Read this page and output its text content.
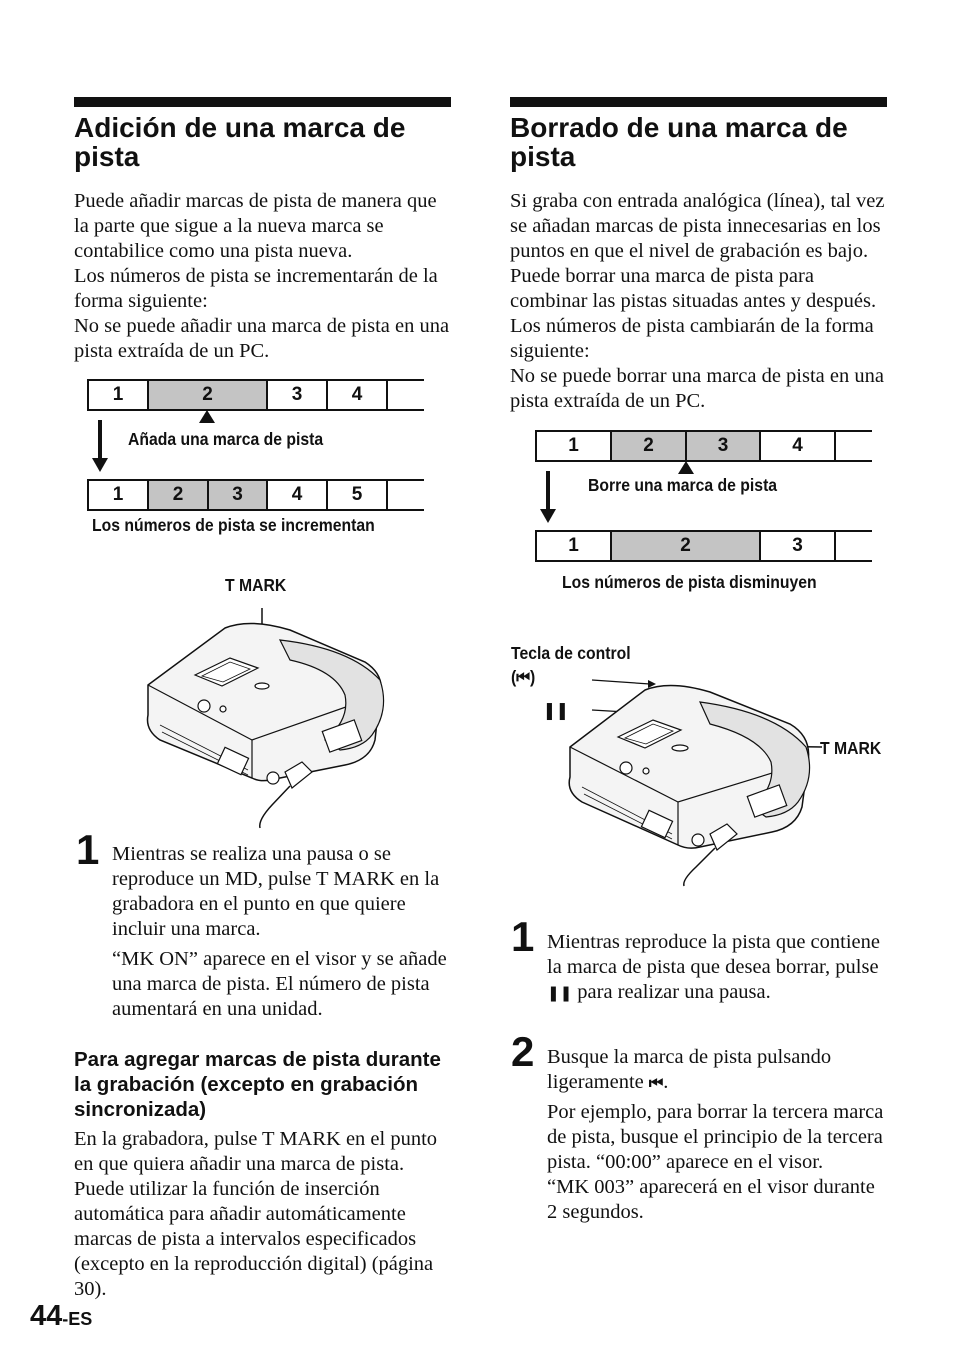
Adición de una marca de pista

Puede añadir marcas de pista de manera que la parte que sigue a la nueva marca se contabilice como una pista nueva.

Los números de pista se incrementarán de la forma siguiente:

No se puede añadir una marca de pista en una pista extraída de un PC.

1	2	3	4
Añada una marca de pista
1	2	3	4	5
Los números de pista se incrementan
T MARK
1 Mientras se realiza una pausa o se reproduce un MD, pulse T MARK en la grabadora en el punto en que quiere incluir una marca.

“MK ON” aparece en el visor y se añade una marca de pista. El número de pista aumentará en una unidad.

Para agregar marcas de pista durante la grabación (excepto en grabación sincronizada)
En la grabadora, pulse T MARK en el punto en que quiera añadir una marca de pista. Puede utilizar la función de inserción automática para añadir automáticamente marcas de pista a intervalos especificados (excepto en la reproducción digital) (página 30).
44-ES
Borrado de una marca de pista

Si graba con entrada analógica (línea), tal vez se añadan marcas de pista innecesarias en los puntos en que el nivel de grabación es bajo. Puede borrar una marca de pista para combinar las pistas situadas antes y después. Los números de pista cambiarán de la forma siguiente:

No se puede borrar una marca de pista en una pista extraída de un PC.

1	2	3	4
Borre una marca de pista
1	2	3
Los números de pista disminuyen
Tecla de control
(⏮)
❚❚
T MARK
1 Mientras reproduce la pista que contiene la marca de pista que desea borrar, pulse ❚❚ para realizar una pausa.
2 Busque la marca de pista pulsando ligeramente ⏮.

Por ejemplo, para borrar la tercera marca de pista, busque el principio de la tercera pista. “00:00” aparece en el visor.

“MK 003” aparecerá en el visor durante 2 segundos.
